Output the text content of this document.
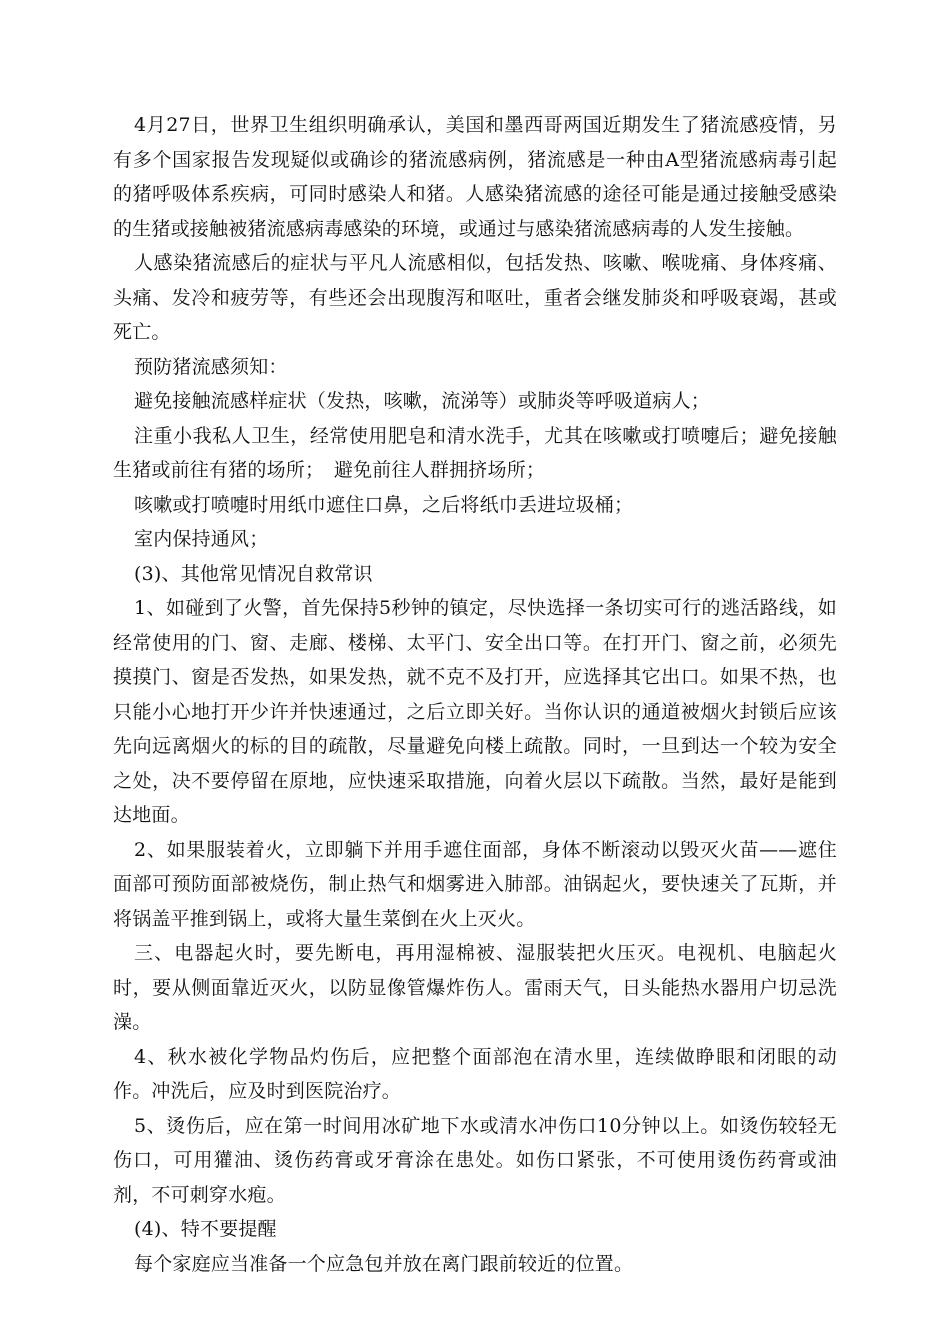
4月27日，世界卫生组织明确承认，美国和墨西哥两国近期发生了猪流感疫情，另有多个国家报告发现疑似或确诊的猪流感病例，猪流感是一种由A型猪流感病毒引起的猪呼吸体系疾病，可同时感染人和猪。人感染猪流感的途径可能是通过接触受感染的生猪或接触被猪流感病毒感染的环境，或通过与感染猪流感病毒的人发生接触。

人感染猪流感后的症状与平凡人流感相似，包括发热、咳嗽、喉咙痛、身体疼痛、头痛、发冷和疲劳等，有些还会出现腹泻和呕吐，重者会继发肺炎和呼吸衰竭，甚或死亡。

预防猪流感须知：

避免接触流感样症状（发热，咳嗽，流涕等）或肺炎等呼吸道病人；

注重小我私人卫生，经常使用肥皂和清水洗手，尤其在咳嗽或打喷嚏后；避免接触生猪或前往有猪的场所；　避免前往人群拥挤场所；

咳嗽或打喷嚏时用纸巾遮住口鼻，之后将纸巾丢进垃圾桶；

室内保持通风；

(3)、其他常见情况自救常识

1、如碰到了火警，首先保持5秒钟的镇定，尽快选择一条切实可行的逃活路线，如经常使用的门、窗、走廊、楼梯、太平门、安全出口等。在打开门、窗之前，必须先摸摸门、窗是否发热，如果发热，就不克不及打开，应选择其它出口。如果不热，也只能小心地打开少许并快速通过，之后立即关好。当你认识的通道被烟火封锁后应该先向远离烟火的标的目的疏散，尽量避免向楼上疏散。同时，一旦到达一个较为安全之处，决不要停留在原地，应快速采取措施，向着火层以下疏散。当然，最好是能到达地面。

2、如果服装着火，立即躺下并用手遮住面部，身体不断滚动以毁灭火苗——遮住面部可预防面部被烧伤，制止热气和烟雾进入肺部。油锅起火，要快速关了瓦斯，并将锅盖平推到锅上，或将大量生菜倒在火上灭火。

三、电器起火时，要先断电，再用湿棉被、湿服装把火压灭。电视机、电脑起火时，要从侧面靠近灭火，以防显像管爆炸伤人。雷雨天气，日头能热水器用户切忌洗澡。

4、秋水被化学物品灼伤后，应把整个面部泡在清水里，连续做睁眼和闭眼的动作。冲洗后，应及时到医院治疗。

5、烫伤后，应在第一时间用冰矿地下水或清水冲伤口10分钟以上。如烫伤较轻无伤口，可用獾油、烫伤药膏或牙膏涂在患处。如伤口紧张，不可使用烫伤药膏或油剂，不可刺穿水疱。

(4)、特不要提醒

每个家庭应当准备一个应急包并放在离门跟前较近的位置。
